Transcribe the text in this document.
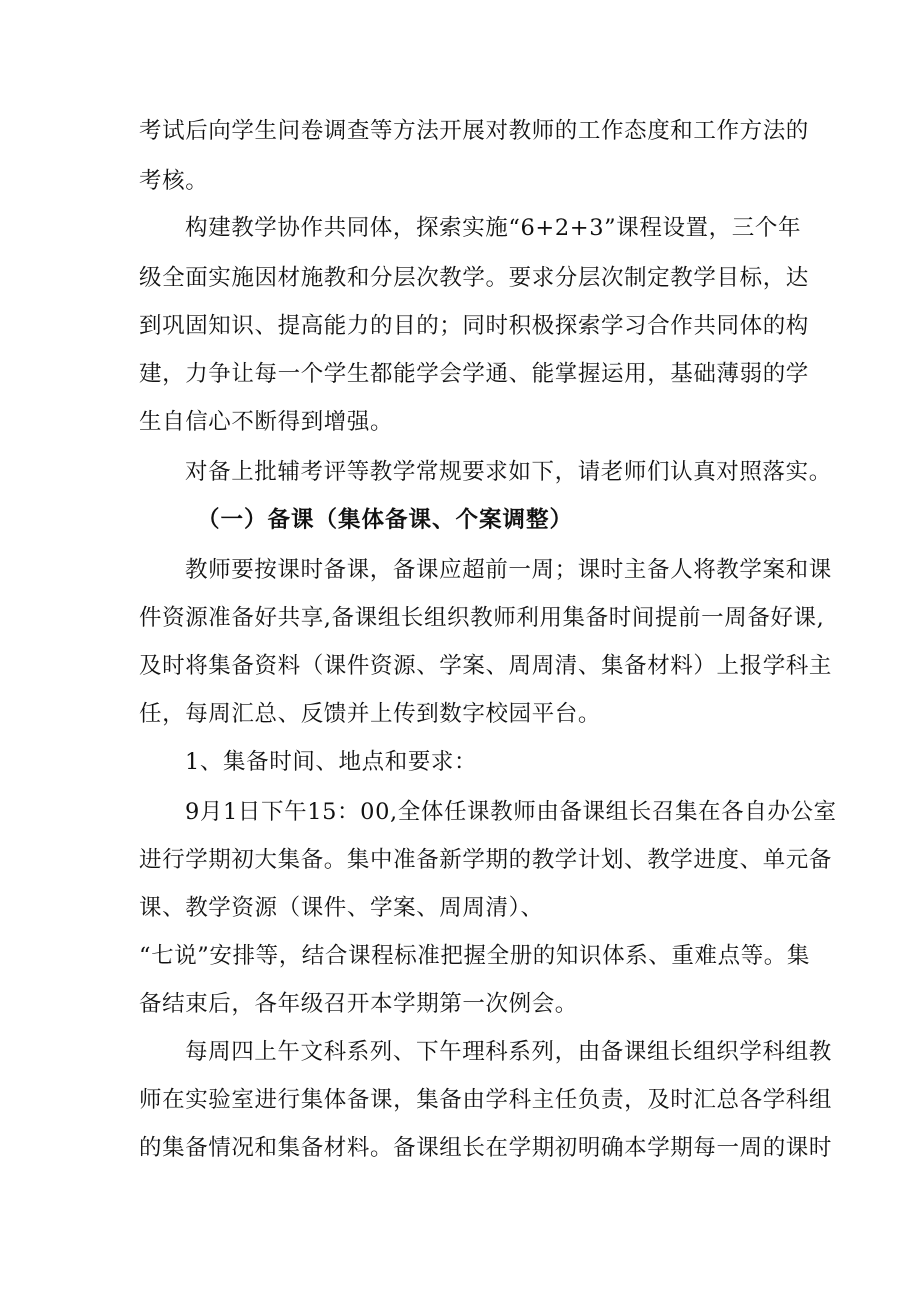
考试后向学生问卷调查等方法开展对教师的工作态度和工作方法的
考核。
构建教学协作共同体，探索实施“6+2+3”课程设置，三个年
级全面实施因材施教和分层次教学。要求分层次制定教学目标，达
到巩固知识、提高能力的目的；同时积极探索学习合作共同体的构
建，力争让每一个学生都能学会学通、能掌握运用，基础薄弱的学
生自信心不断得到增强。
对备上批辅考评等教学常规要求如下，请老师们认真对照落实。
（一）备课（集体备课、个案调整）
教师要按课时备课，备课应超前一周；课时主备人将教学案和课
件资源准备好共享,备课组长组织教师利用集备时间提前一周备好课,
及时将集备资料（课件资源、学案、周周清、集备材料）上报学科主
任，每周汇总、反馈并上传到数字校园平台。
1、集备时间、地点和要求：
9月1日下午15：00,全体任课教师由备课组长召集在各自办公室
进行学期初大集备。集中准备新学期的教学计划、教学进度、单元备
课、教学资源（课件、学案、周周清）、
“七说”安排等，结合课程标准把握全册的知识体系、重难点等。集
备结束后，各年级召开本学期第一次例会。
每周四上午文科系列、下午理科系列，由备课组长组织学科组教
师在实验室进行集体备课，集备由学科主任负责，及时汇总各学科组
的集备情况和集备材料。备课组长在学期初明确本学期每一周的课时
